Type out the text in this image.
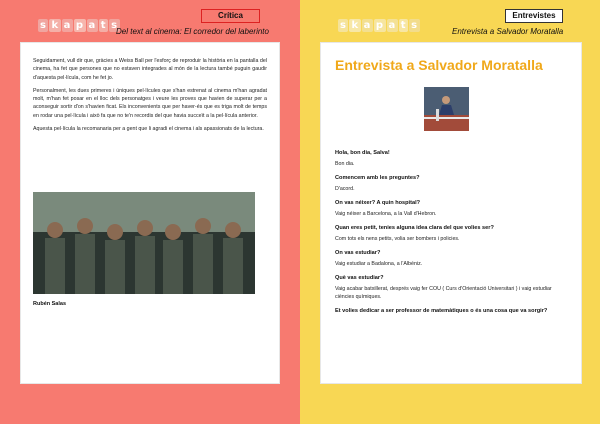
s k a p a t s
Crítica
Del text al cinema: El corredor del laberinto

Seguidament, vull dir que, gràcies a Weiss Ball per l'esforç de reproduir la història en la pantalla del cinema, ha fet que persones que no estaven integrades al món de la lectura també puguin gaudir d'aquesta pel·lícula, com he fet jo.

Personalment, les dues primeres i úniques pel·lícules que s'han estrenat al cinema m'han agradat molt, m'han fet posar en el lloc dels personatges i veure les proves que havien de superar per a aconseguir sortir d'on s'havien ficat. Els inconvenients que per haver-és que es triga molt de temps en rodar una pel·lícula i això fa que no te'n recordis del que havia succeït a la pel·lícula anterior.

Aquesta pel·lícula la recomanaria per a gent que li agradi el cinema i als apassionats de la lectura.

Rubén Salas
s k a p a t s
Entrevistes
Entrevista a Salvador Moratalla
Entrevista a Salvador Moratalla
Hola, bon dia, Salva!
Bon dia.
Comencem amb les preguntes?
D'acord.
On vas néixer? A quin hospital?
Vaig néixer a Barcelona, a la Vall d'Hebron.
Quan eres petit, tenies alguna idea clara del que volies ser?
Com tots els nens petits, volia ser bombers i policies.
On vas estudiar?
Vaig estudiar a Badalona, a l'Albéniz.
Què vas estudiar?
Vaig acabar batxillerat, després vaig fer COU ( Curs d'Orientació Universitari ) i vaig estudiar ciències químiques.
Et volies dedicar a ser professor de matemàtiques o és una cosa que va sorgir?
